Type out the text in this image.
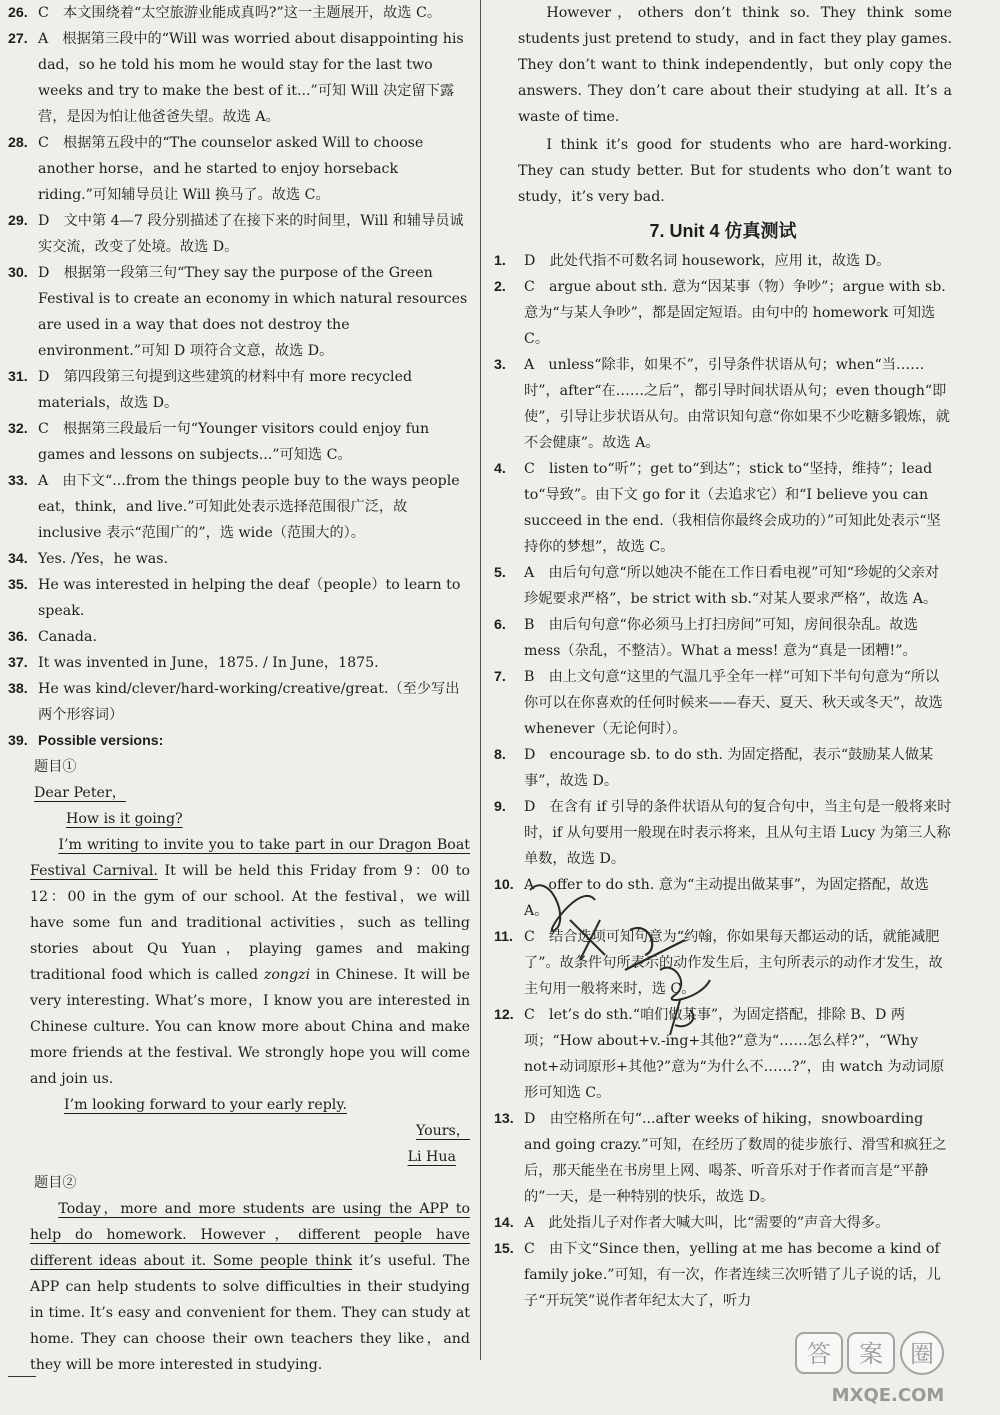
26. C　本文围绕着“太空旅游业能成真吗?”这一主题展开，故选 C。
27. A　根据第三段中的“Will was worried about disappointing his dad，so he told his mom he would stay for the last two weeks and try to make the best of it...”可知 Will 决定留下露营，是因为怕让他爸爸失望。故选 A。
28. C　根据第五段中的“The counselor asked Will to choose another horse，and he started to enjoy horseback riding.”可知辅导员让 Will 换马了。故选 C。
29. D　文中第 4—7 段分别描述了在接下来的时间里，Will 和辅导员诚实交流，改变了处境。故选 D。
30. D　根据第一段第三句“They say the purpose of the Green Festival is to create an economy in which natural resources are used in a way that does not destroy the environment.”可知 D 项符合文意，故选 D。
31. D　第四段第三句提到这些建筑的材料中有 more recycled materials，故选 D。
32. C　根据第三段最后一句“Younger visitors could enjoy fun games and lessons on subjects...”可知选 C。
33. A　由下文“...from the things people buy to the ways people eat，think，and live.”可知此处表示选择范围很广泛，故 inclusive 表示“范围广的”，选 wide（范围大的）。
34. Yes. /Yes，he was.
35. He was interested in helping the deaf（people）to learn to speak.
36. Canada.
37. It was invented in June，1875. / In June，1875.
38. He was kind/clever/hard-working/creative/great.（至少写出两个形容词）
39. Possible versions:
题目①
Dear Peter，
How is it going?
I’m writing to invite you to take part in our Dragon Boat Festival Carnival. It will be held this Friday from 9：00 to 12：00 in the gym of our school. At the festival，we will have some fun and traditional activities，such as telling stories about Qu Yuan，playing games and making traditional food which is called zongzi in Chinese. It will be very interesting. What’s more，I know you are interested in Chinese culture. You can know more about China and make more friends at the festival. We strongly hope you will come and join us.
I’m looking forward to your early reply.
Yours，
Li Hua
题目②
Today，more and more students are using the APP to help do homework. However，different people have different ideas about it. Some people think it’s useful. The APP can help students to solve difficulties in their studying in time. It’s easy and convenient for them. They can study at home. They can choose their own teachers they like，and they will be more interested in studying.
However，others don’t think so. They think some students just pretend to study，and in fact they play games. They don’t want to think independently，but only copy the answers. They don’t care about their studying at all. It’s a waste of time.
I think it’s good for students who are hard-working. They can study better. But for students who don’t want to study，it’s very bad.
7. Unit 4 仿真测试
1. D　此处代指不可数名词 housework，应用 it，故选 D。
2. C　argue about sth. 意为“因某事（物）争吵”；argue with sb. 意为“与某人争吵”，都是固定短语。由句中的 homework 可知选 C。
3. A　unless“除非，如果不”，引导条件状语从句；when“当……时”，after“在……之后”，都引导时间状语从句；even though“即使”，引导让步状语从句。由常识知句意“你如果不少吃糖多锻炼，就不会健康”。故选 A。
4. C　listen to“听”；get to“到达”；stick to“坚持，维持”；lead to“导致”。由下文 go for it（去追求它）和“I believe you can succeed in the end.（我相信你最终会成功的）”可知此处表示“坚持你的梦想”，故选 C。
5. A　由后句句意“所以她决不能在工作日看电视”可知“珍妮的父亲对珍妮要求严格”，be strict with sb.“对某人要求严格”，故选 A。
6. B　由后句句意“你必须马上打扫房间”可知，房间很杂乱。故选 mess（杂乱，不整洁）。What a mess! 意为“真是一团糟!”。
7. B　由上文句意“这里的气温几乎全年一样”可知下半句句意为“所以你可以在你喜欢的任何时候来——春天、夏天、秋天或冬天”，故选 whenever（无论何时）。
8. D　encourage sb. to do sth. 为固定搭配，表示“鼓励某人做某事”，故选 D。
9. D　在含有 if 引导的条件状语从句的复合句中，当主句是一般将来时时，if 从句要用一般现在时表示将来，且从句主语 Lucy 为第三人称单数，故选 D。
10. A　offer to do sth. 意为“主动提出做某事”，为固定搭配，故选 A。
11. C　结合选项可知句意为“约翰，你如果每天都运动的话，就能减肥了”。故条件句所表示的动作发生后，主句所表示的动作才发生，故主句用一般将来时，选 C。
12. C　let’s do sth.“咱们做某事”，为固定搭配，排除 B、D 两项；“How about+v.-ing+其他?”意为“……怎么样?”，“Why not+动词原形+其他?”意为“为什么不……?”，由 watch 为动词原形可知选 C。
13. D　由空格所在句“...after weeks of hiking，snowboarding and going crazy.”可知，在经历了数周的徒步旅行、滑雪和疯狂之后，那天能坐在书房里上网、喝茶、听音乐对于作者而言是“平静的”一天，是一种特别的快乐，故选 D。
14. A　此处指儿子对作者大喊大叫，比“需要的”声音大得多。
15. C　由下文“Since then，yelling at me has become a kind of family joke.”可知，有一次，作者连续三次听错了儿子说的话，儿子“开玩笑”说作者年纪太大了，听力
答 案 圈
MXQE.COM
